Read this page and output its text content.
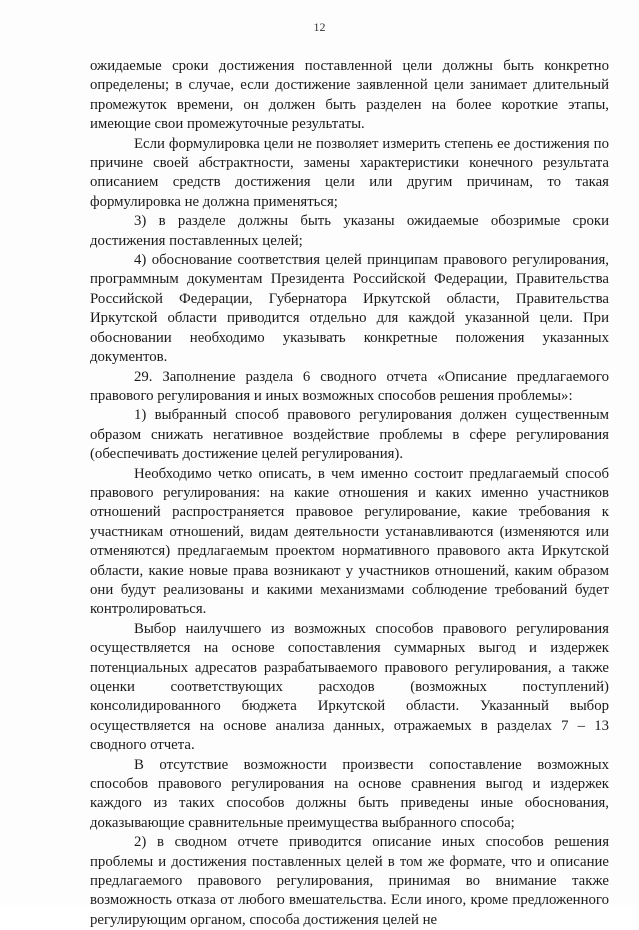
12

ожидаемые сроки достижения поставленной цели должны быть конкретно определены; в случае, если достижение заявленной цели занимает длительный промежуток времени, он должен быть разделен на более короткие этапы, имеющие свои промежуточные результаты.

Если формулировка цели не позволяет измерить степень ее достижения по причине своей абстрактности, замены характеристики конечного результата описанием средств достижения цели или другим причинам, то такая формулировка не должна применяться;

3) в разделе должны быть указаны ожидаемые обозримые сроки достижения поставленных целей;

4) обоснование соответствия целей принципам правового регулирования, программным документам Президента Российской Федерации, Правительства Российской Федерации, Губернатора Иркутской области, Правительства Иркутской области приводится отдельно для каждой указанной цели. При обосновании необходимо указывать конкретные положения указанных документов.

29. Заполнение раздела 6 сводного отчета «Описание предлагаемого правового регулирования и иных возможных способов решения проблемы»:

1) выбранный способ правового регулирования должен существенным образом снижать негативное воздействие проблемы в сфере регулирования (обеспечивать достижение целей регулирования).

Необходимо четко описать, в чем именно состоит предлагаемый способ правового регулирования: на какие отношения и каких именно участников отношений распространяется правовое регулирование, какие требования к участникам отношений, видам деятельности устанавливаются (изменяются или отменяются) предлагаемым проектом нормативного правового акта Иркутской области, какие новые права возникают у участников отношений, каким образом они будут реализованы и какими механизмами соблюдение требований будет контролироваться.

Выбор наилучшего из возможных способов правового регулирования осуществляется на основе сопоставления суммарных выгод и издержек потенциальных адресатов разрабатываемого правового регулирования, а также оценки соответствующих расходов (возможных поступлений) консолидированного бюджета Иркутской области. Указанный выбор осуществляется на основе анализа данных, отражаемых в разделах 7 – 13 сводного отчета.

В отсутствие возможности произвести сопоставление возможных способов правового регулирования на основе сравнения выгод и издержек каждого из таких способов должны быть приведены иные обоснования, доказывающие сравнительные преимущества выбранного способа;

2) в сводном отчете приводится описание иных способов решения проблемы и достижения поставленных целей в том же формате, что и описание предлагаемого правового регулирования, принимая во внимание также возможность отказа от любого вмешательства. Если иного, кроме предложенного регулирующим органом, способа достижения целей не
